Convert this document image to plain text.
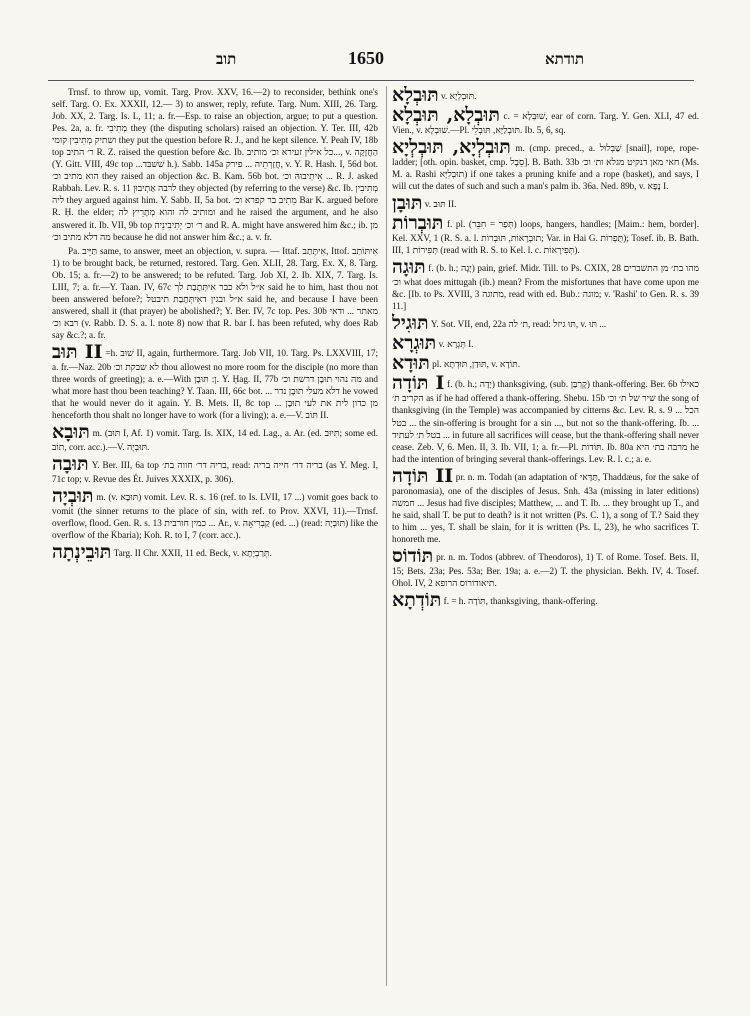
תוב	1650	תודתא

Trnsf. to throw up, vomit. Targ. Prov. XXV, 16.—2) to reconsider, bethink one's self. Targ. O. Ex. XXXII, 12.— 3) to answer, reply, refute. Targ. Num. XIII, 26. Targ. Job. XX, 2. Targ. Is. L, 11; a. fr.—Esp. to raise an objection, argue; to put a question. Pes. 2a, a. fr. מְתִיבִי they (the disputing scholars) raised an objection. Y. Ter. III, 42b ושתיק מְתִיבִין קומי they put the question before R. J., and he kept silence. Y. Peah IV, 18b top ר׳ התיב R. Z. raised the question before &c. Ib. כל אילין זעירא וכ׳ מותיב..., v. הַחֲזָקָה (Y. Gitt. VIII, 49c top ...שׁשׁבּד h.). Sabb. 145a חֲזָרְתֵיה ... פירק, v. Y. R. Hash. I, 56d bot. הוא מתיב וכ׳ they raised an objection &c. B. Kam. 56b bot. אֵיתְיבוּהּ וכ׳ ... R. J. asked Rabbah. Lev. R. s. 11 לרבה אַתְיבוּן they objected (by referring to the verse) &c. Ib. מְתִיבִין ליה they argued against him. Y. Sabb. II, 5a bot. מֵתִיב בר קפרא וכ׳ Bar K. argued before R. Ḥ. the elder; ומותיב לה והוא מְתָרֵיץ לה and he raised the argument, and he also answered it. Ib. VII, 9b top ר׳ וכ׳ יְתִיבִינֵיה and R. A. might have answered him &c.; ib. מן מה דלא מתיב וכ׳ because he did not answer him &c.; a. v. fr.

Pa. תַּיֵּיב same, to answer, meet an objection, v. supra. — Ittaf. אִיתָּתַב, Ittof. אִיתּוֹתַב 1) to be brought back, be returned, restored. Targ. Gen. XLII, 28. Targ. Ex. X, 8. Targ. Ob. 15; a. fr.—2) to be answered; to be refuted. Targ. Job XI, 2. Ib. XIX, 7. Targ. Is. LIII, 7; a. fr.—Y. Taan. IV, 67c א״ל ולא כבר אִיתְּתָבַת לך said he to him, hast thou not been answered before?; א״ל ובגין דאִיתְּתָבַת תיבטל said he, and because I have been answered, shall it (that prayer) be abolished?; Y. Ber. IV, 7c top. Pes. 30b מאתר ... ודאי רבא וכ׳ (v. Rabb. D. S. a. l. note 8) now that R. bar I. has been refuted, why does Rab say &c.?; a. fr.

תּוּב II =h. שׁוּב II, again, furthermore. Targ. Job VII, 10. Targ. Ps. LXXVIII, 17; a. fr.—Naz. 20b לא שבקת וכ׳ thou allowest no more room for the disciple (no more than three words of greeting); a. e.—With ן: תּוּבָן. Y. Ḥag. II, 77b מה נהוי תוּבָן דרשת וכ׳ and what more hast thou been teaching? Y. Taan. III, 66c bot. ... דלא מעלי תוּבָן נדר he vowed that he would never do it again. Y. B. Mets. II, 8c top ... מן כדון לית את לעי תוּבָן henceforth thou shalt no longer have to work (for a living); a. e.—V. תּוֹב II.

תּוּבָא m. (תּוּב I, Af. 1) vomit. Targ. Is. XIX, 14 ed. Lag., a. Ar. (ed. תִּיוּב; some ed. תוֹב, corr. acc.).—V. תּוּבְיָה.

תּוּבָה Y. Ber. III, 6a top בריה דר׳ חווה בת׳, read: בריה דר׳ חייה בריה (as Y. Meg. I, 71c top; v. Revue des Ét. Juives XXXIX, p. 306).

תּוּבְיָה m. (v. תּוּבָא) vomit. Lev. R. s. 16 (ref. to Is. LVII, 17 ...) vomit goes back to vomit (the sinner returns to the place of sin, with ref. to Prov. XXVI, 11).—Trnsf. overflow, flood. Gen. R. s. 13 כמין חורבית ... Ar., v. קַבְרִיאָה (ed. ...) (read: תּוּבְיָה) like the overflow of the K̇baria); Koh. R. to I, 7 (corr. acc.).

תּוּבֵינְתָה Targ. II Chr. XXII, 11 ed. Beck, v. תְּרַבְיָתָא.

תּוּבְלָא v. תּוּבְלְיָא.

תּוּבְלָא, תּוּבְלָא c. = שׁוּבְּלָא, ear of corn. Targ. Y. Gen. XLI, 47 ed. Vien., v. שׁוּבְלָא.—Pl. תּוּבְלַיָּא, תּוּבְלֵי. Ib. 5, 6, sq.

תּוּבְלְיָא, תּוּבְלְיָא m. (cmp. preced., a. שַׁבְלוּל [snail], rope, rope-ladder; [oth. opin. basket, cmp. סֵבֶל]. B. Bath. 33b חאי מאן דנקיט מגלא ות׳ וכ׳ (Ms. M. a. Rashi תוּבְלִיָּא) if one takes a pruning knife and a rope (basket), and says, I will cut the dates of such and such a man's palm ib. 36a. Ned. 89b, v. נָפָא I.

תּוּבָן v. תּוּב II.

תּוּבְרוֹת f. pl. (תְּפַר = חִבֵּר) loops, hangers, handles; [Maim.: hem, border]. Kel. XXV, 1 (R. S. a. l. תוּבְרָאוֹת, תּוּבְרוֹת; Var. in Hai G. תֻּפְרוֹת); Tosef. ib. B. Bath. III, 1 תְּפִירוֹת (read with R. S. to Kel. l. c. תְּפִירָאוֹת).

תּוּגָה f. (b. h.; יָגָה) pain, grief. Midr. Till. to Ps. CXIX, 28 מהו בת׳ מן התשברים וכ׳ what does mittugah (ib.) mean? From the misfortunes that have come upon me &c. [Ib. to Ps. XVIII, 3 מתוגה, read with ed. Bub.: מוגה; v. 'Rashi' to Gen. R. s. 39 11.]

תּוּגִיל Y. Sot. VII, end, 22a ת׳ לה, read: תּוּ גיזל, v. תּוּ ...

תּוּגְרָא v. תְּגְרָא I.

תּוּדָא pl. תּוּדַן, תּוּדְתָא, v. תּוֹדָא.

תּוֹדָה I f. (b. h.; יָדָה) thanksgiving, (sub. קָרְבַּן) thank-offering. Ber. 6b כאילו הקריב ת׳ as if he had offered a thank-offering. Shebu. 15b שיר של ת׳ וכ׳ the song of thanksgiving (in the Temple) was accompanied by citterns &c. Lev. R. s. 9 ... הכל בטל ... the sin-offering is brought for a sin ..., but not so the thank-offering. Ib. ... בטל ת׳ לעתיד ... in future all sacrifices will cease, but the thank-offering shall never cease. Zeb. V, 6. Men. II, 3. Ib. VII, 1; a. fr.—Pl. תּוֹדוֹת. Ib. 80a מרבה בת׳ היא he had the intention of bringing several thank-offerings. Lev. R. l. c.; a. e.

תּוֹדָה II pr. n. m. Todah (an adaptation of תַּדָּאי, Thaddæus, for the sake of paronomasia), one of the disciples of Jesus. Snh. 43a (missing in later editions) חמשה ... Jesus had five disciples; Matthew, ... and T. Ib. ... they brought up T., and he said, shall T. be put to death? is it not written (Ps. C. 1), a song of T.? Said they to him ... yes, T. shall be slain, for it is written (Ps. L, 23), he who sacrifices T. honoreth me.

תּוֹדוֹס pr. n. m. Todos (abbrev. of Theodoros), 1) T. of Rome. Tosef. Bets. II, 15; Bets. 23a; Pes. 53a; Ber. 19a; a. e.—2) T. the physician. Bekh. IV, 4. Tosef. Ohol. IV, 2 תיאודורוס הרופא.

תּוֹדְתָא f. = h. תּוֹדָה, thanksgiving, thank-offering.
